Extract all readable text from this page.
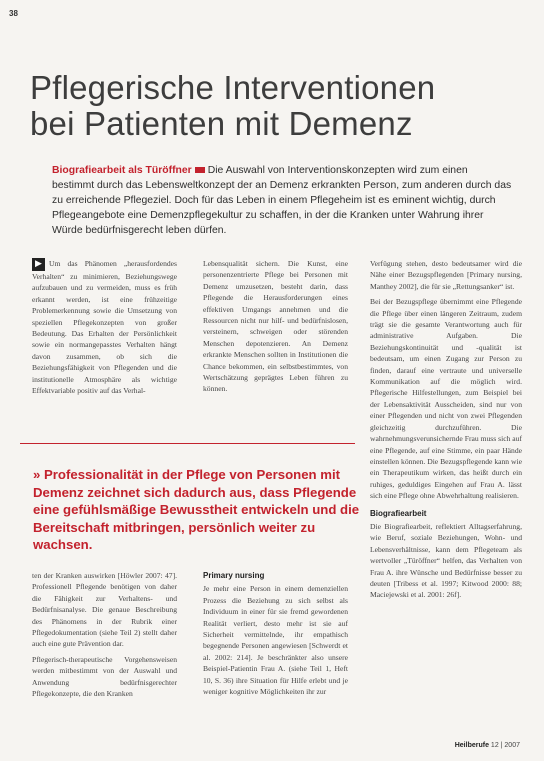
38
Pflegerische Interventionen
bei Patienten mit Demenz
Biografiearbeit als Türöffner Die Auswahl von Interventionskonzepten wird zum einen bestimmt durch das Lebensweltkonzept der an Demenz erkrankten Person, zum anderen durch das zu erreichende Pflegeziel. Doch für das Leben in einem Pflegeheim ist es eminent wichtig, durch Pflegeangebote eine Demenzpflegekultur zu schaffen, in der die Kranken unter Wahrung ihrer Würde bedürfnisgerecht leben dürfen.

▶ Um das Phänomen „herausfordendes Verhalten“ zu minimieren, Beziehungswege aufzubauen und zu vermeiden, muss es früh erkannt werden, ist eine frühzeitige Problemerkennung sowie die Umsetzung von speziellen Pflegekonzepten von großer Bedeutung. Das Erhalten der Persönlichkeit sowie ein normangepasstes Verhalten hängt davon zusammen, ob sich die Beziehungsfähigkeit von Pflegenden und die institutionelle Atmosphäre als wichtige Effektvariable positiv auf das Verhal-

Lebensqualität sichern. Die Kunst, eine personenzentrierte Pflege bei Personen mit Demenz umzusetzen, besteht darin, dass Pflegende die Herausforderungen eines effektiven Umgangs annehmen und die Ressourcen nicht nur hilf- und bedürfnislosen, versteinern, schweigen oder störenden Menschen depotenzieren. An Demenz erkrankte Menschen sollten in Institutionen die Chance bekommen, ein selbstbestimmtes, von Wertschätzung geprägtes Leben führen zu können.

Verfügung stehen, desto bedeutsamer wird die Nähe einer Bezugspflegenden [Primary nursing, Manthey 2002], die für sie „Rettungsanker“ ist.

Bei der Bezugspflege übernimmt eine Pflegende die Pflege über einen längeren Zeitraum, zudem trägt sie die gesamte Verantwortung auch für administrative Aufgaben. Die Beziehungskontinuität und -qualität ist bedeutsam, um einen Zugang zur Person zu finden, darauf eine vertraute und universelle Kommunikation auf die möglich wird. Pflegerische Hilfestellungen, zum Beispiel bei der Lebensaktivität Ausscheiden, sind nur von einer Pflegenden und nicht von zwei Pflegenden gleichzeitig durchzuführen. Die wahrnehmungsverunsichernde Frau muss sich auf eine Pflegende, auf eine Stimme, ein paar Hände einstellen können. Die Bezugspflegende kann wie ein Therapeutikum wirken, das heißt durch ein ruhiges, geduldiges Eingehen auf Frau A. lässt sich eine Pflege ohne Abwehrhaltung realisieren.

Biografiearbeit

Die Biografiearbeit, reflektiert Alltagserfahrung, wie Beruf, soziale Beziehungen, Wohn- und Lebensverhältnisse, kann dem Pflegeteam als wertvoller „Türöffner“ helfen, das Verhalten von Frau A. ihre Wünsche und Bedürfnisse besser zu deuten [Tribess et al. 1997; Kitwood 2000: 88; Maciejewski et al. 2001: 26f].

» Professionalität in der Pflege von Personen mit Demenz zeichnet sich dadurch aus, dass Pflegende eine gefühlsmäßige Bewusstheit entwickeln und die Bereitschaft mitbringen, persönlich weiter zu wachsen.

ten der Kranken auswirken [Höwler 2007: 47]. Professionell Pflegende benötigen von daher die Fähigkeit zur Verhaltens- und Bedürfnisanalyse. Die genaue Beschreibung des Phänomens in der Rubrik einer Pflegedokumentation (siehe Teil 2) stellt daher auch eine gute Prävention dar.

Pflegerisch-therapeutische Vorgehensweisen werden mitbestimmt von der Auswahl und Anwendung bedürfnisgerechter Pflegekonzepte, die den Kranken

Primary nursing

Je mehr eine Person in einem demenziellen Prozess die Beziehung zu sich selbst als Individuum in einer für sie fremd gewordenen Realität verliert, desto mehr ist sie auf Sicherheit vermittelnde, ihr empathisch begegnende Personen angewiesen [Schwerdt et al. 2002: 214]. Je beschränkter also unsere Beispiel-Patientin Frau A. (siehe Teil 1, Heft 10, S. 36) ihre Situation für Hilfe erlebt und je weniger kognitive Möglichkeiten ihr zur

Heilberufe 12 | 2007
